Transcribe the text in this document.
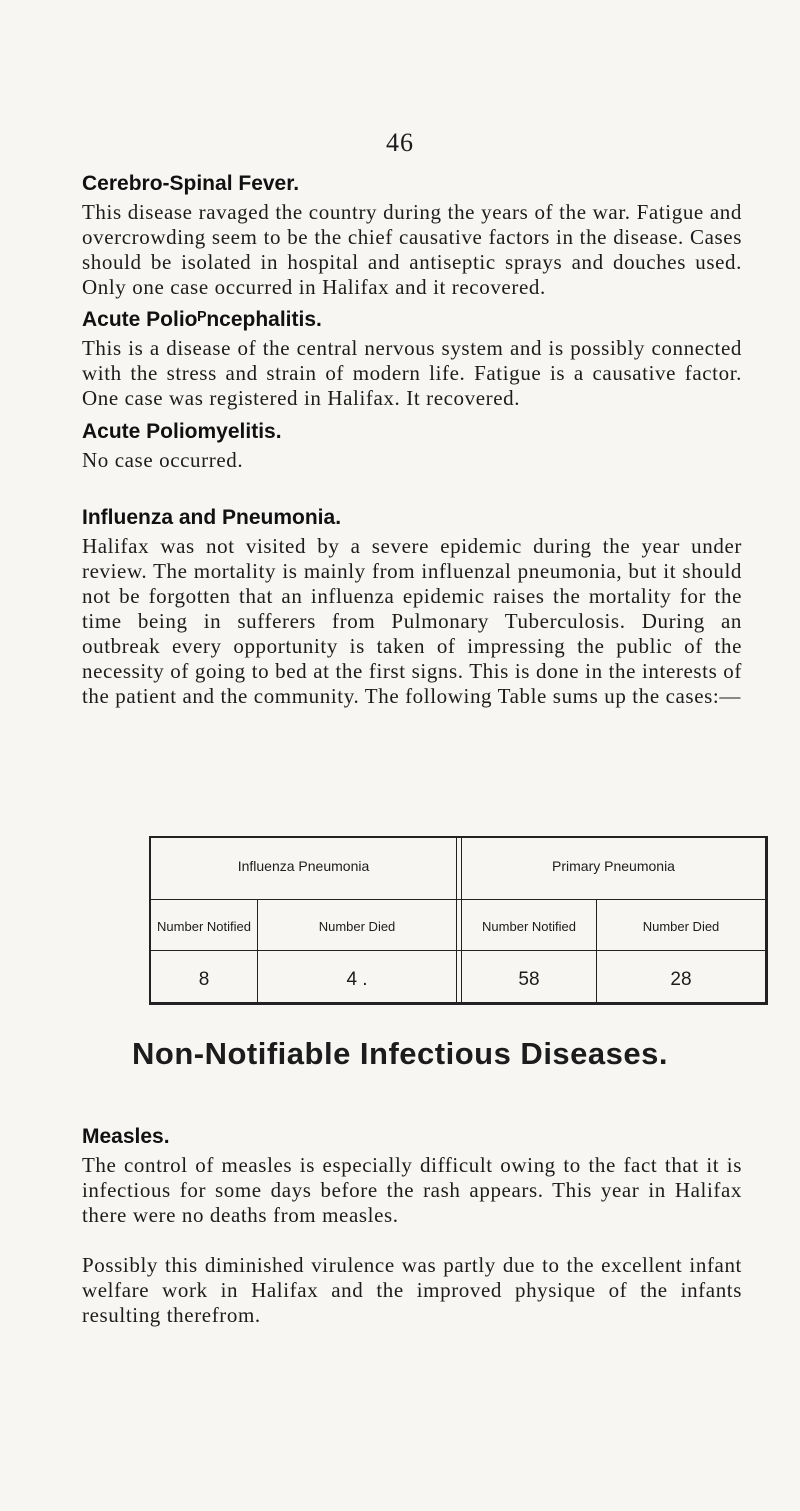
46
Cerebro-Spinal Fever.

This disease ravaged the country during the years of the war. Fatigue and overcrowding seem to be the chief causative factors in the disease. Cases should be isolated in hospital and antiseptic sprays and douches used. Only one case occurred in Halifax and it recovered.

Acute Polioᴾncephalitis.

This is a disease of the central nervous system and is possibly connected with the stress and strain of modern life. Fatigue is a causative factor. One case was registered in Halifax. It recovered.

Acute Poliomyelitis.

No case occurred.

Influenza and Pneumonia.

Halifax was not visited by a severe epidemic during the year under review. The mortality is mainly from influenzal pneumonia, but it should not be forgotten that an influenza epidemic raises the mortality for the time being in sufferers from Pulmonary Tuberculosis. During an outbreak every opportunity is taken of impressing the public of the necessity of going to bed at the first signs. This is done in the interests of the patient and the community. The following Table sums up the cases:—

Influenza Pneumonia	Primary Pneumonia
Number Notified	Number Died	Number Notified	Number Died
8	4 .	58	28
Non-Notifiable Infectious Diseases.
Measles.

The control of measles is especially difficult owing to the fact that it is infectious for some days before the rash appears. This year in Halifax there were no deaths from measles.

Possibly this diminished virulence was partly due to the excellent infant welfare work in Halifax and the improved physique of the infants resulting therefrom.
